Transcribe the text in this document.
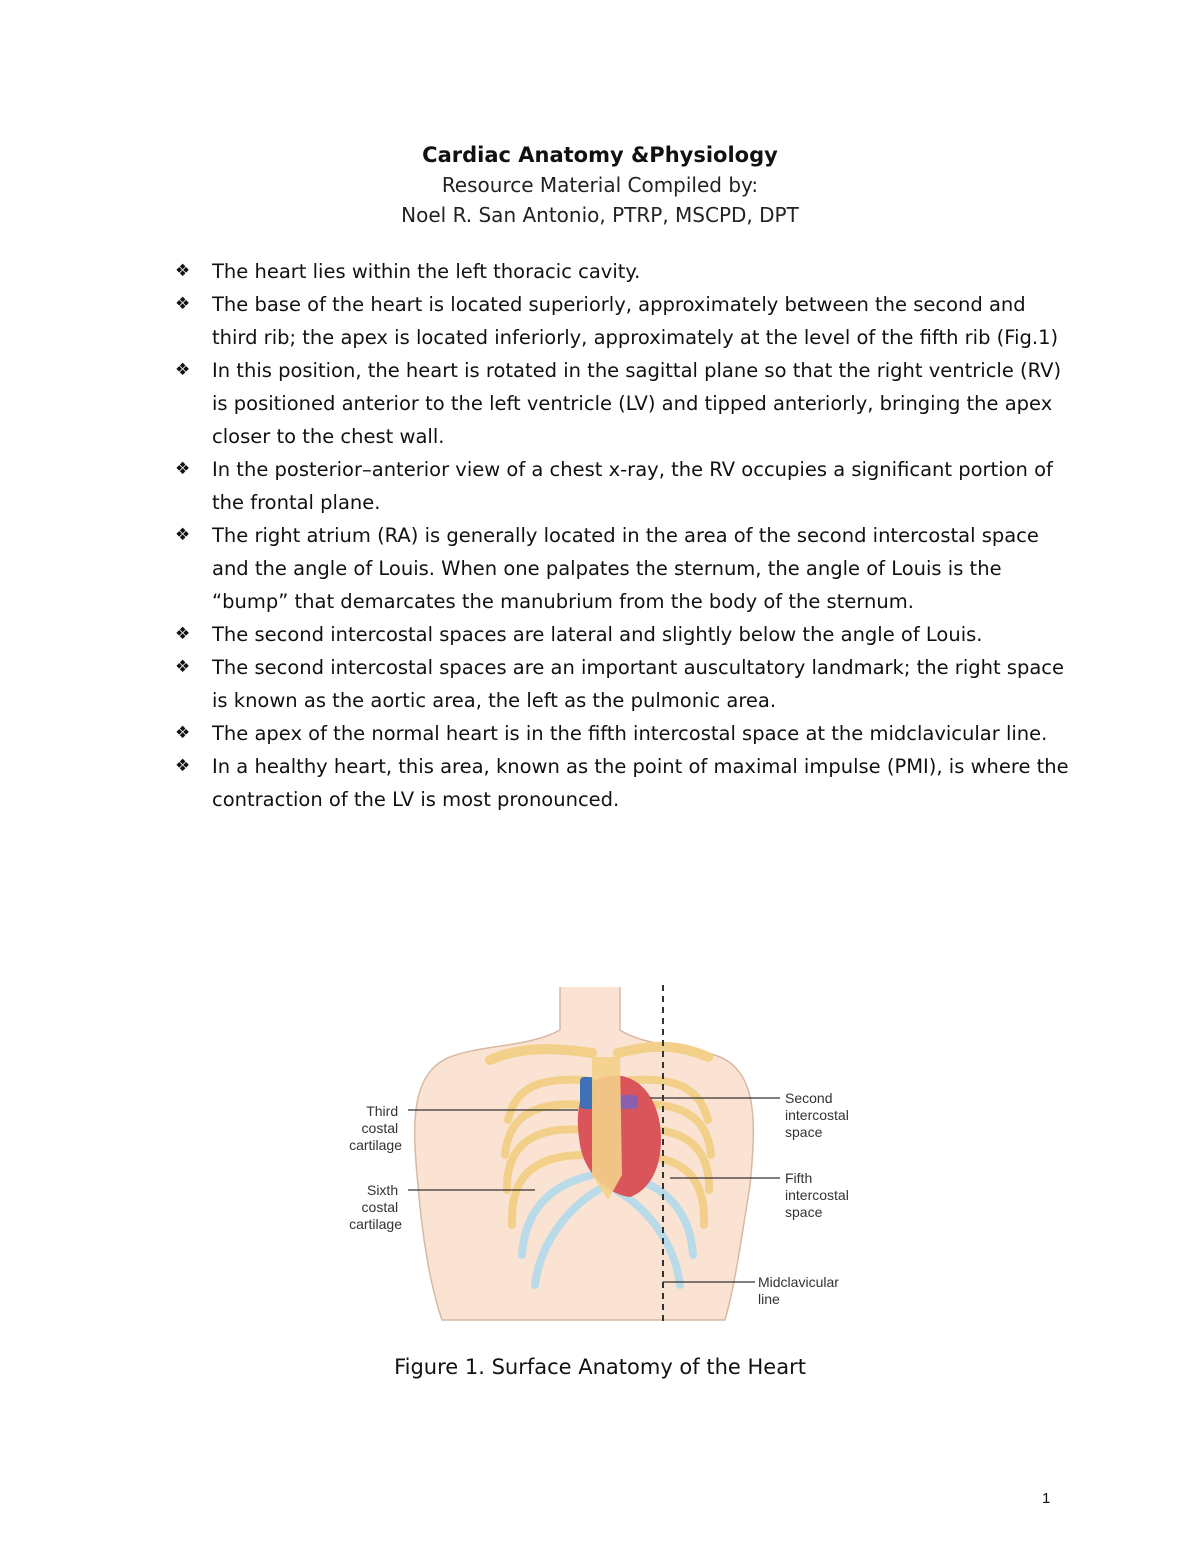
Cardiac Anatomy &Physiology
Resource Material Compiled by:
Noel R. San Antonio, PTRP, MSCPD, DPT
❖ The heart lies within the left thoracic cavity.
❖ The base of the heart is located superiorly, approximately between the second and third rib; the apex is located inferiorly, approximately at the level of the fifth rib (Fig.1)
❖ In this position, the heart is rotated in the sagittal plane so that the right ventricle (RV) is positioned anterior to the left ventricle (LV) and tipped anteriorly, bringing the apex closer to the chest wall.
❖ In the posterior–anterior view of a chest x-ray, the RV occupies a significant portion of the frontal plane.
❖ The right atrium (RA) is generally located in the area of the second intercostal space and the angle of Louis. When one palpates the sternum, the angle of Louis is the “bump” that demarcates the manubrium from the body of the sternum.
❖ The second intercostal spaces are lateral and slightly below the angle of Louis.
❖ The second intercostal spaces are an important auscultatory landmark; the right space is known as the aortic area, the left as the pulmonic area.
❖ The apex of the normal heart is in the fifth intercostal space at the midclavicular line.
❖ In a healthy heart, this area, known as the point of maximal impulse (PMI), is where the contraction of the LV is most pronounced.
Third costal cartilage
Sixth costal cartilage
Second intercostal space
Fifth intercostal space
Midclavicular line
Figure 1. Surface Anatomy of the Heart
1
